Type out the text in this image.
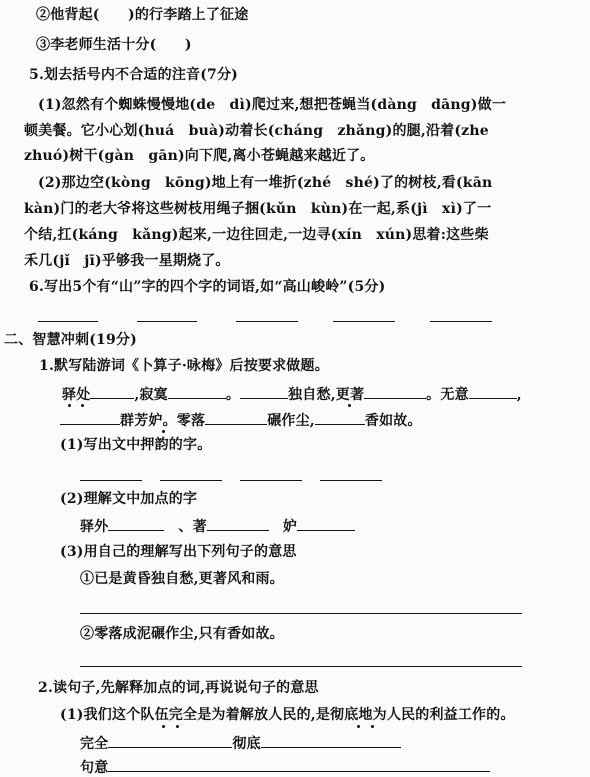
②他背起(　　)的行李踏上了征途
③李老师生活十分(　　)
5.划去括号内不合适的注音(7分)
(1)忽然有个蜘蛛慢慢地(de　dì)爬过来,想把苍蝇当(dàng　dāng)做一
顿美餐。它小心划(huá　buà)动着长(cháng　zhǎng)的腿,沿着(zhe
zhuó)树干(gàn　gān)向下爬,离小苍蝇越来越近了。
(2)那边空(kòng　kōng)地上有一堆折(zhé　shé)了的树枝,看(kān
kàn)门的老大爷将这些树枝用绳子捆(kǔn　kùn)在一起,系(jì　xì)了一
个结,扛(káng　kǎng)起来,一边往回走,一边寻(xín　xún)思着:这些柴
禾几(jǐ　jī)乎够我一星期烧了。
6.写出5个有“山”字的四个字的词语,如“高山峻岭”(5分)
二、智慧冲刺(19分)
1.默写陆游词《卜算子·咏梅》后按要求做题。
驿处	,寂寞	。	独自愁,更著	。无意	,
群芳妒。零落	碾作尘,	香如故。
(1)写出文中押韵的字。
(2)理解文中加点的字
驿外	、著	妒
(3)用自己的理解写出下列句子的意思
①已是黄昏独自愁,更著风和雨。
②零落成泥碾作尘,只有香如故。
2.读句子,先解释加点的词,再说说句子的意思
(1)我们这个队伍完全是为着解放人民的,是彻底地为人民的利益工作的。
完全	彻底
句意
